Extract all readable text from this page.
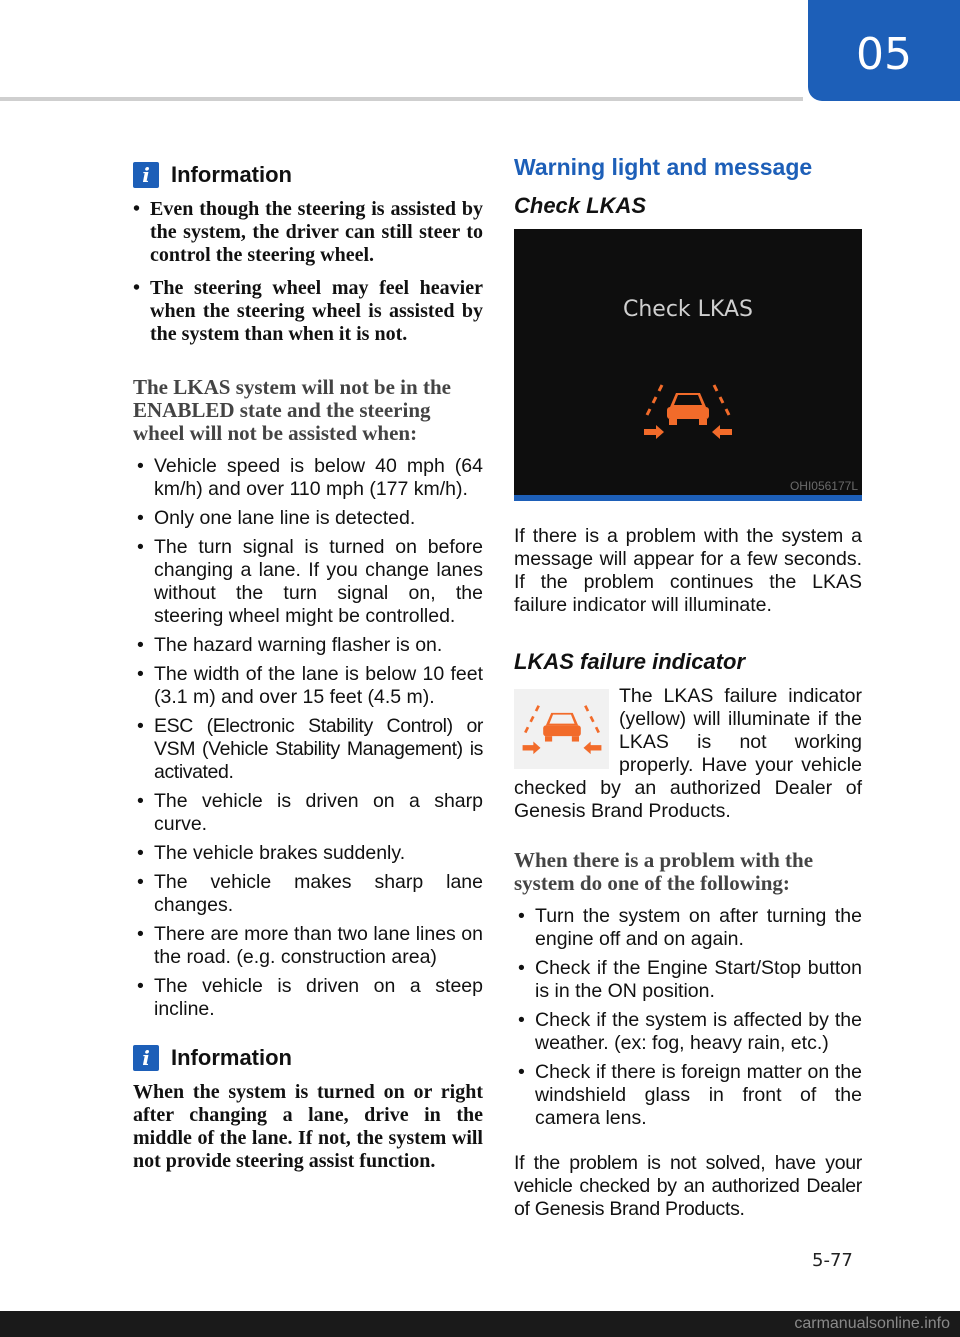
05
i Information
• Even though the steering is assisted by the system, the driver can still steer to control the steering wheel.
• The steering wheel may feel heavier when the steering wheel is assisted by the system than when it is not.
The LKAS system will not be in the ENABLED state and the steering wheel will not be assisted when:
• Vehicle speed is below 40 mph (64 km/h) and over 110 mph (177 km/h).
• Only one lane line is detected.
• The turn signal is turned on before changing a lane. If you change lanes without the turn signal on, the steering wheel might be controlled.
• The hazard warning flasher is on.
• The width of the lane is below 10 feet (3.1 m) and over 15 feet (4.5 m).
• ESC (Electronic Stability Control) or VSM (Vehicle Stability Management) is activated.
• The vehicle is driven on a sharp curve.
• The vehicle brakes suddenly.
• The vehicle makes sharp lane changes.
• There are more than two lane lines on the road. (e.g. construction area)
• The vehicle is driven on a steep incline.
i Information

When the system is turned on or right after changing a lane, drive in the middle of the lane. If not, the system will not provide steering assist function.

Warning light and message
Check LKAS
Check LKAS
OHI056177L

If there is a problem with the system a message will appear for a few seconds. If the problem continues the LKAS failure indicator will illuminate.

LKAS failure indicator

The LKAS failure indicator (yellow) will illuminate if the LKAS is not working properly. Have your vehicle checked by an authorized Dealer of Genesis Brand Products.

When there is a problem with the system do one of the following:
• Turn the system on after turning the engine off and on again.
• Check if the Engine Start/Stop button is in the ON position.
• Check if the system is affected by the weather. (ex: fog, heavy rain, etc.)
• Check if there is foreign matter on the windshield glass in front of the camera lens.

If the problem is not solved, have your vehicle checked by an authorized Dealer of Genesis Brand Products.

5-77
carmanualsonline.info
